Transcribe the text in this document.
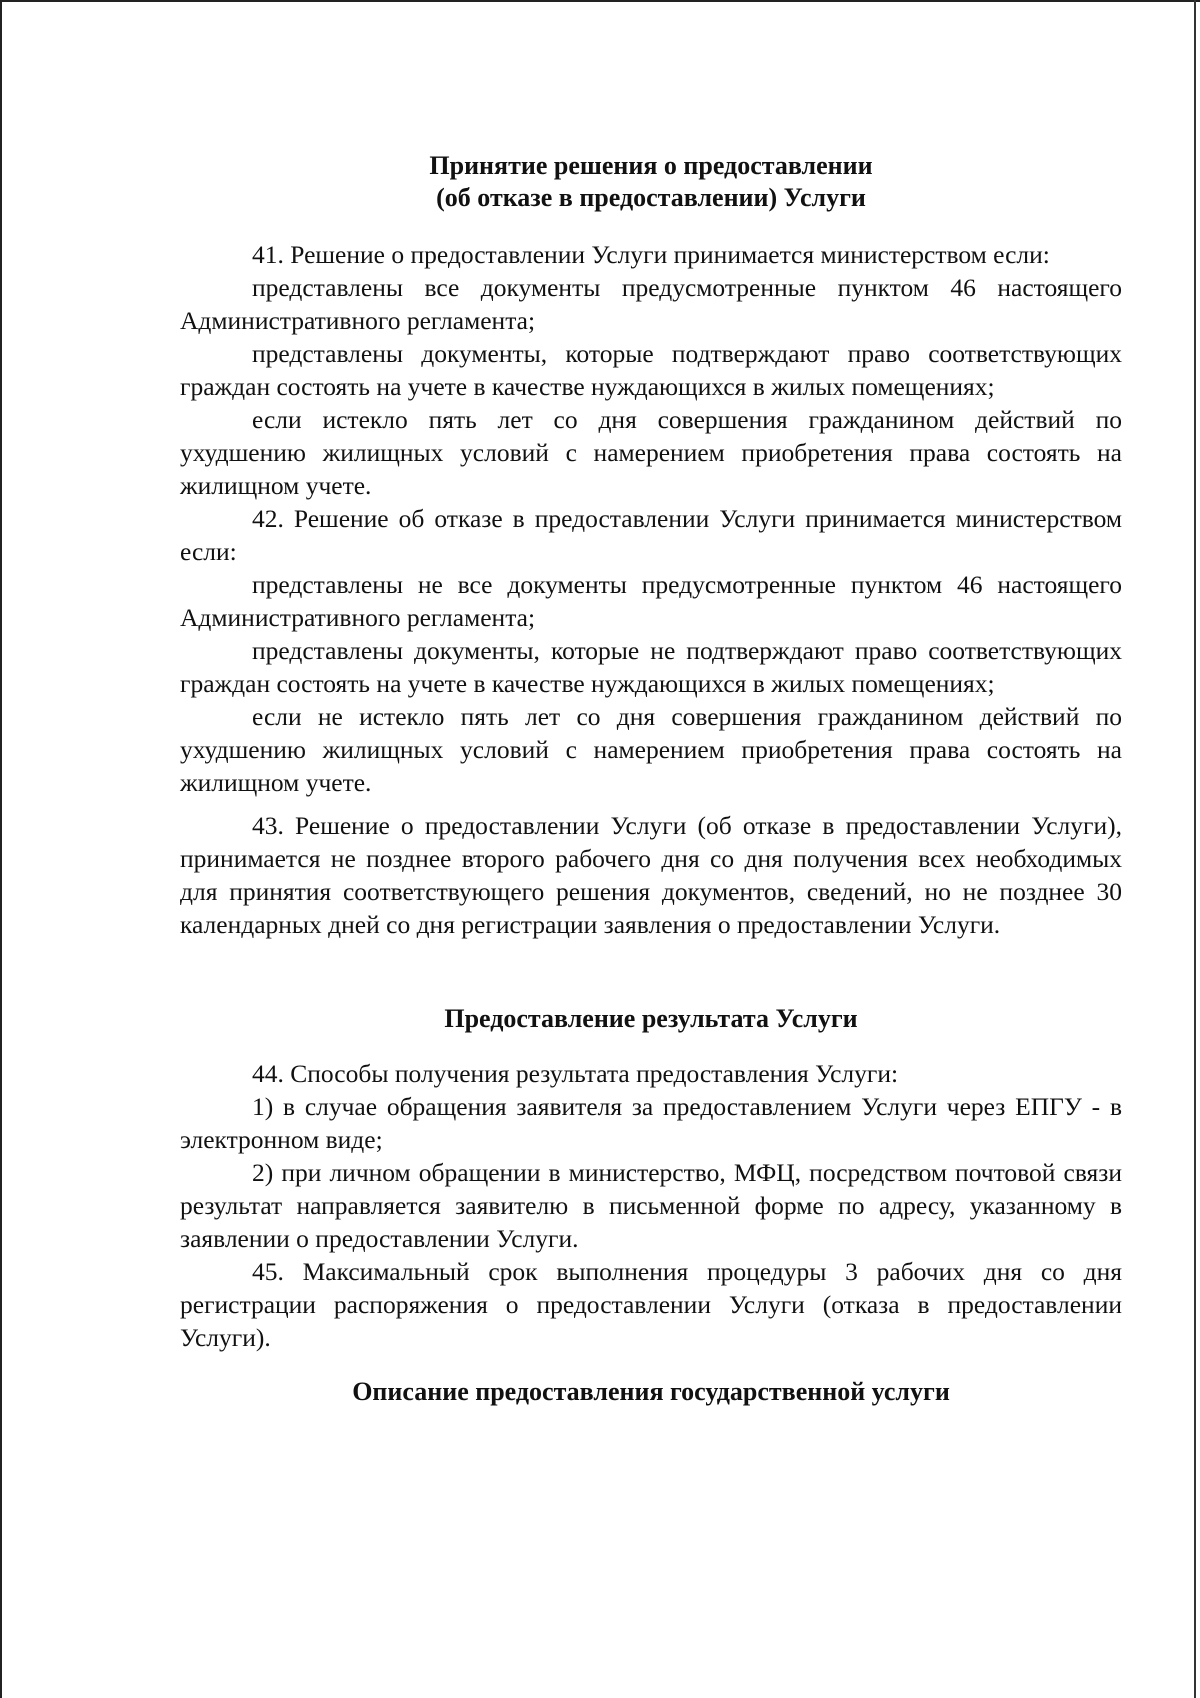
Принятие решения о предоставлении
(об отказе в предоставлении) Услуги

41. Решение о предоставлении Услуги принимается министерством если:

представлены все документы предусмотренные пунктом 46 настоящего Административного регламента;

представлены документы, которые подтверждают право соответствующих граждан состоять на учете в качестве нуждающихся в жилых помещениях;

если истекло пять лет со дня совершения гражданином действий по ухудшению жилищных условий с намерением приобретения права состоять на жилищном учете.

42. Решение об отказе в предоставлении Услуги принимается министерством если:

представлены не все документы предусмотренные пунктом 46 настоящего Административного регламента;

представлены документы, которые не подтверждают право соответствующих граждан состоять на учете в качестве нуждающихся в жилых помещениях;

если не истекло пять лет со дня совершения гражданином действий по ухудшению жилищных условий с намерением приобретения права состоять на жилищном учете.

43. Решение о предоставлении Услуги (об отказе в предоставлении Услуги), принимается не позднее второго рабочего дня со дня получения всех необходимых для принятия соответствующего решения документов, сведений, но не позднее 30 календарных дней со дня регистрации заявления о предоставлении Услуги.

Предоставление результата Услуги

44. Способы получения результата предоставления Услуги:

1) в случае обращения заявителя за предоставлением Услуги через ЕПГУ - в электронном виде;

2) при личном обращении в министерство, МФЦ, посредством почтовой связи результат направляется заявителю в письменной форме по адресу, указанному в заявлении о предоставлении Услуги.

45. Максимальный срок выполнения процедуры 3 рабочих дня со дня регистрации распоряжения о предоставлении Услуги (отказа в предоставлении Услуги).

Описание предоставления государственной услуги
